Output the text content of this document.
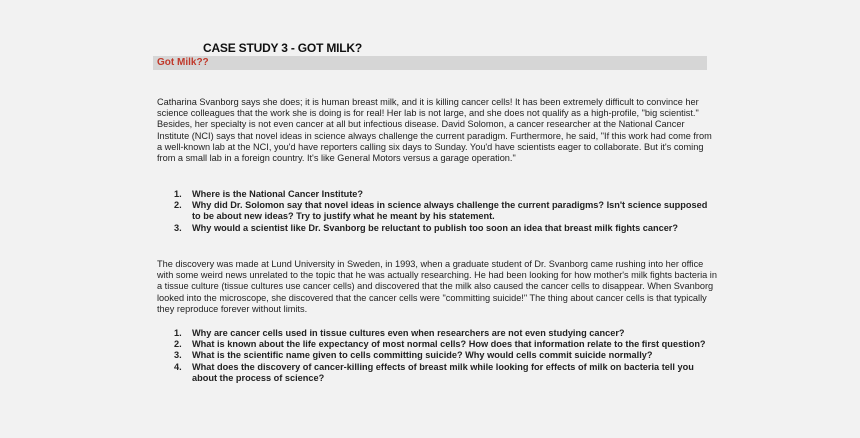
CASE STUDY 3 - GOT MILK?
Got Milk??

Catharina Svanborg says she does; it is human breast milk, and it is killing cancer cells! It has been extremely difficult to convince her science colleagues that the work she is doing is for real! Her lab is not large, and she does not qualify as a high-profile, "big scientist." Besides, her specialty is not even cancer at all but infectious disease. David Solomon, a cancer researcher at the National Cancer Institute (NCI) says that novel ideas in science always challenge the current paradigm. Furthermore, he said, "If this work had come from a well-known lab at the NCI, you'd have reporters calling six days to Sunday. You'd have scientists eager to collaborate. But it's coming from a small lab in a foreign country. It's like General Motors versus a garage operation."

1. Where is the National Cancer Institute?
2. Why did Dr. Solomon say that novel ideas in science always challenge the current paradigms? Isn't science supposed to be about new ideas? Try to justify what he meant by his statement.
3. Why would a scientist like Dr. Svanborg be reluctant to publish too soon an idea that breast milk fights cancer?

The discovery was made at Lund University in Sweden, in 1993, when a graduate student of Dr. Svanborg came rushing into her office with some weird news unrelated to the topic that he was actually researching. He had been looking for how mother's milk fights bacteria in a tissue culture (tissue cultures use cancer cells) and discovered that the milk also caused the cancer cells to disappear. When Svanborg looked into the microscope, she discovered that the cancer cells were "committing suicide!" The thing about cancer cells is that typically they reproduce forever without limits.

1. Why are cancer cells used in tissue cultures even when researchers are not even studying cancer?
2. What is known about the life expectancy of most normal cells? How does that information relate to the first question?
3. What is the scientific name given to cells committing suicide? Why would cells commit suicide normally?
4. What does the discovery of cancer-killing effects of breast milk while looking for effects of milk on bacteria tell you about the process of science?
